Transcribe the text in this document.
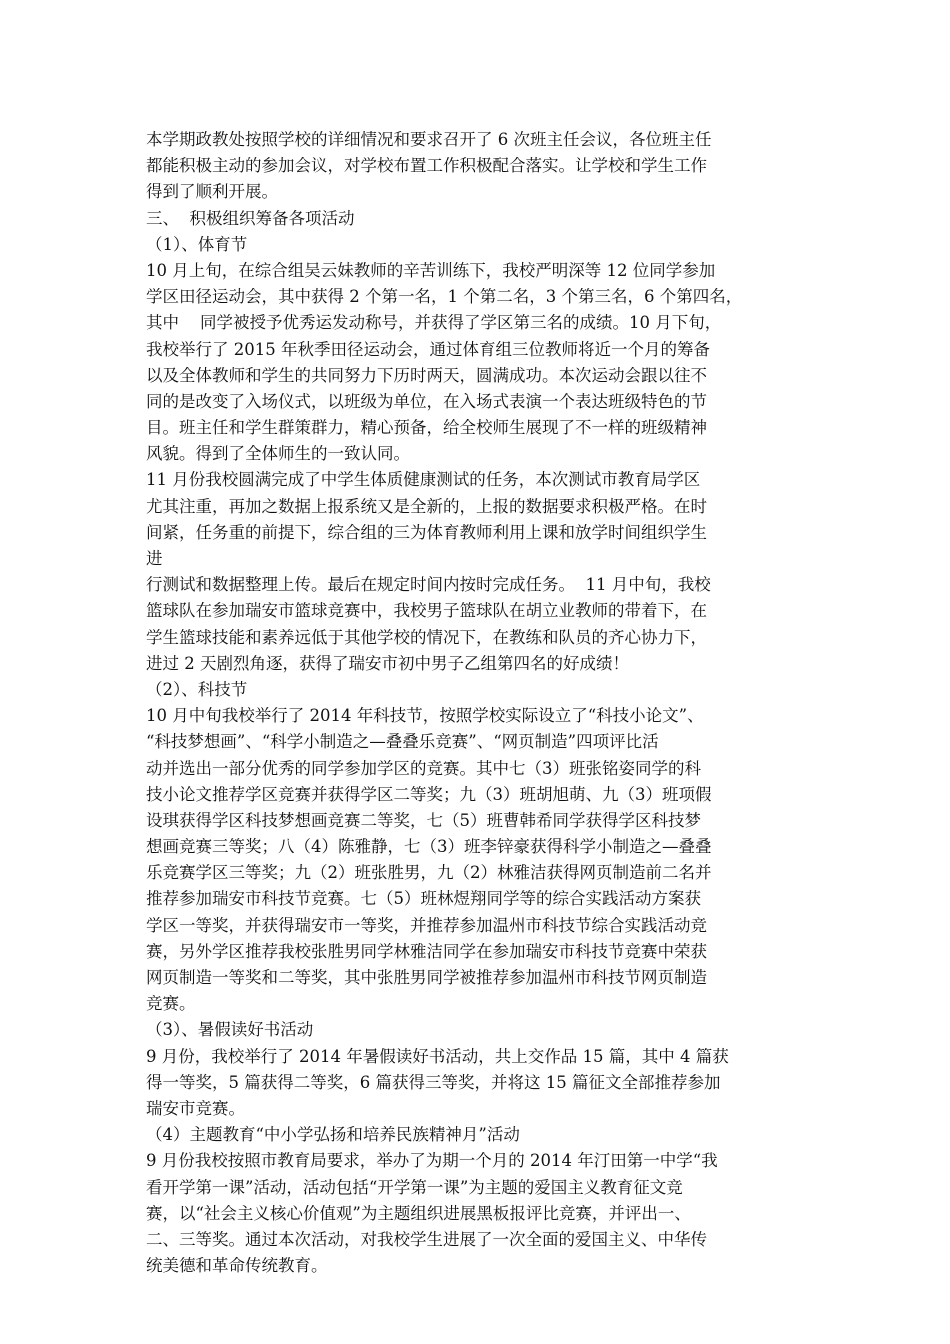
本学期政教处按照学校的详细情况和要求召开了 6 次班主任会议，各位班主任
都能积极主动的参加会议，对学校布置工作积极配合落实。让学校和学生工作
得到了顺利开展。
三、  积极组织筹备各项活动
（1）、体育节
10 月上旬，在综合组吴云妹教师的辛苦训练下，我校严明深等 12 位同学参加
学区田径运动会，其中获得 2 个第一名，1 个第二名，3 个第三名，6 个第四名，
其中    同学被授予优秀运发动称号，并获得了学区第三名的成绩。10 月下旬，
我校举行了 2015 年秋季田径运动会，通过体育组三位教师将近一个月的筹备
以及全体教师和学生的共同努力下历时两天，圆满成功。本次运动会跟以往不
同的是改变了入场仪式，以班级为单位，在入场式表演一个表达班级特色的节
目。班主任和学生群策群力，精心预备，给全校师生展现了不一样的班级精神
风貌。得到了全体师生的一致认同。
11 月份我校圆满完成了中学生体质健康测试的任务，本次测试市教育局学区
尤其注重，再加之数据上报系统又是全新的，上报的数据要求积极严格。在时
间紧，任务重的前提下，综合组的三为体育教师利用上课和放学时间组织学生
进
行测试和数据整理上传。最后在规定时间内按时完成任务。  11 月中旬，我校
篮球队在参加瑞安市篮球竞赛中，我校男子篮球队在胡立业教师的带着下，在
学生篮球技能和素养远低于其他学校的情况下，在教练和队员的齐心协力下，
进过 2 天剧烈角逐，获得了瑞安市初中男子乙组第四名的好成绩！
（2）、科技节
10 月中旬我校举行了 2014 年科技节，按照学校实际设立了“科技小论文”、
“科技梦想画”、“科学小制造之—叠叠乐竞赛”、“网页制造”四项评比活
动并选出一部分优秀的同学参加学区的竞赛。其中七（3）班张铭姿同学的科
技小论文推荐学区竞赛并获得学区二等奖；九（3）班胡旭萌、九（3）班项假
设琪获得学区科技梦想画竞赛二等奖，七（5）班曹韩希同学获得学区科技梦
想画竞赛三等奖；八（4）陈雅静，七（3）班李锌豪获得科学小制造之—叠叠
乐竞赛学区三等奖；九（2）班张胜男，九（2）林雅洁获得网页制造前二名并
推荐参加瑞安市科技节竞赛。七（5）班林煜翔同学等的综合实践活动方案获
学区一等奖，并获得瑞安市一等奖，并推荐参加温州市科技节综合实践活动竞
赛，另外学区推荐我校张胜男同学林雅洁同学在参加瑞安市科技节竞赛中荣获
网页制造一等奖和二等奖，其中张胜男同学被推荐参加温州市科技节网页制造
竞赛。
（3）、暑假读好书活动
9 月份，我校举行了 2014 年暑假读好书活动，共上交作品 15 篇，其中 4 篇获
得一等奖，5 篇获得二等奖，6 篇获得三等奖，并将这 15 篇征文全部推荐参加
瑞安市竞赛。
（4）主题教育“中小学弘扬和培养民族精神月”活动
9 月份我校按照市教育局要求，举办了为期一个月的 2014 年汀田第一中学“我
看开学第一课”活动，活动包括“开学第一课”为主题的爱国主义教育征文竞
赛，以“社会主义核心价值观”为主题组织进展黑板报评比竞赛，并评出一、
二、三等奖。通过本次活动，对我校学生进展了一次全面的爱国主义、中华传
统美德和革命传统教育。
